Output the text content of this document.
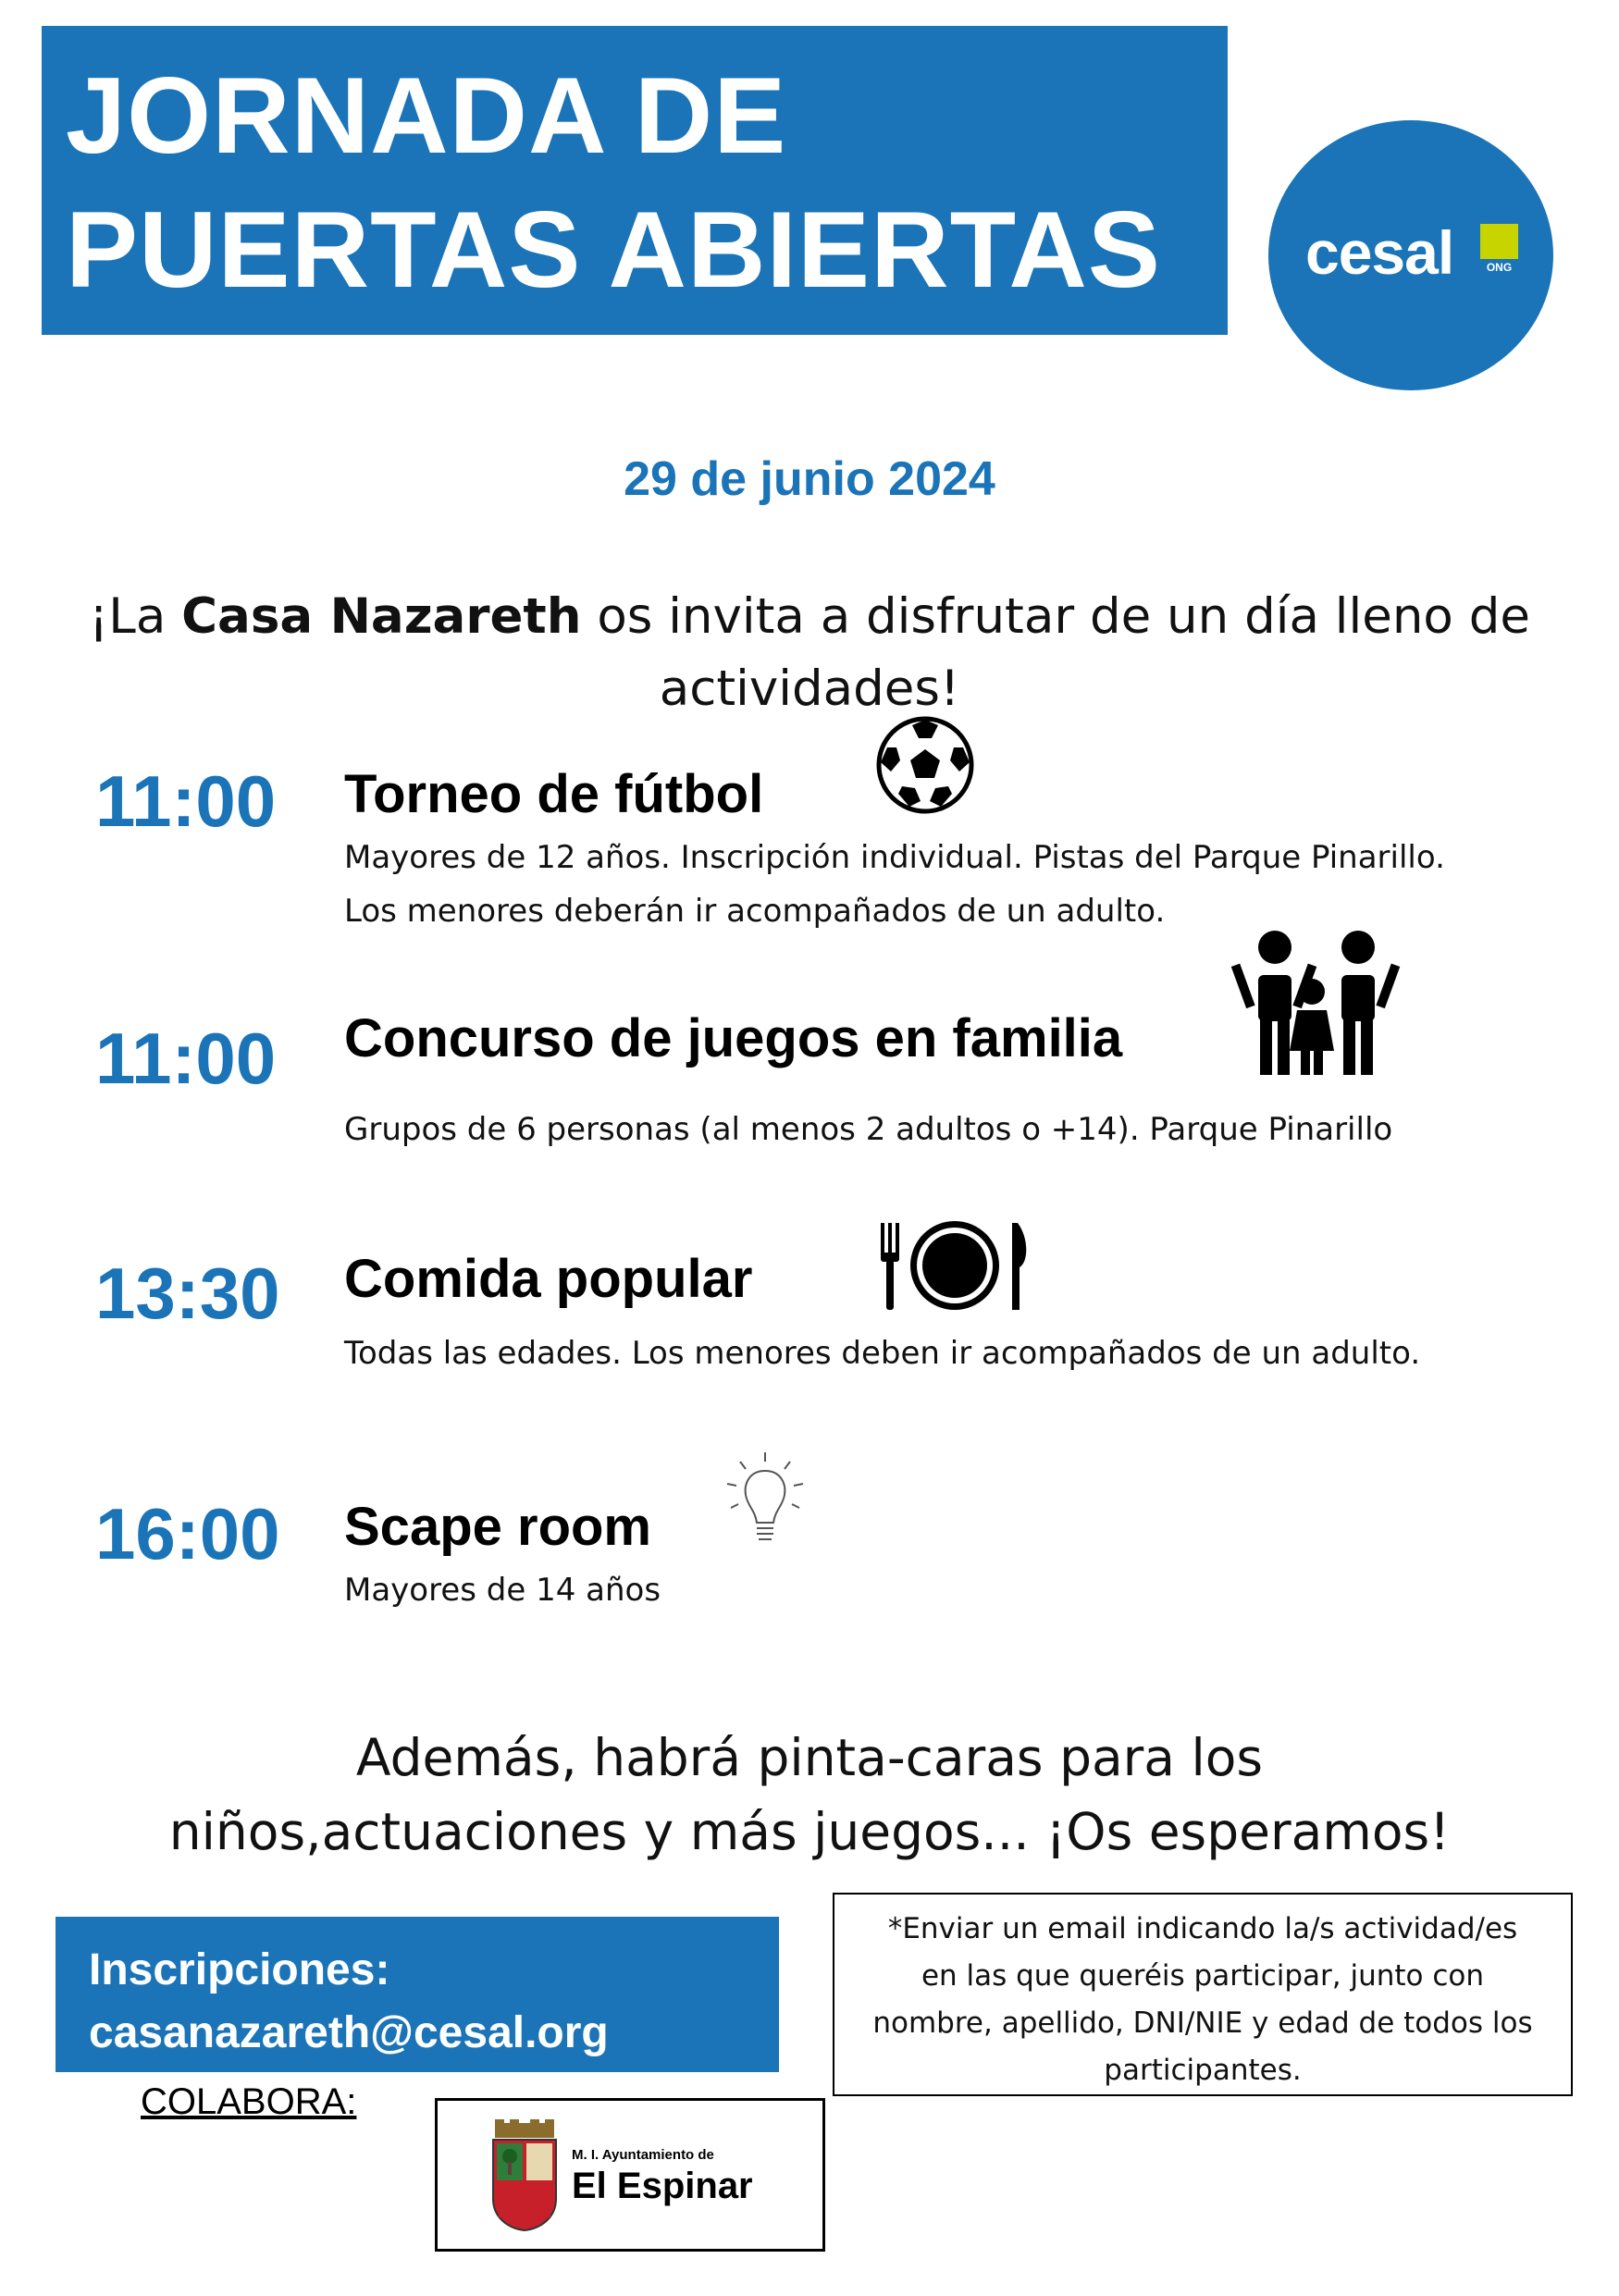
JORNADA DE
PUERTAS ABIERTAS cesal	ONG
29 de junio 2024
¡La Casa Nazareth os invita a disfrutar de un día lleno de actividades!
11:00 Torneo de fútbol
Mayores de 12 años. Inscripción individual. Pistas del Parque Pinarillo.
Los menores deberán ir acompañados de un adulto.
11:00 Concurso de juegos en familia
Grupos de 6 personas (al menos 2 adultos o +14). Parque Pinarillo
13:30 Comida popular
Todas las edades. Los menores deben ir acompañados de un adulto.
16:00 Scape room
Mayores de 14 años
Además, habrá pinta-caras para los
niños,actuaciones y más juegos... ¡Os esperamos!
Inscripciones:
casanazareth@cesal.org
*Enviar un email indicando la/s actividad/es
en las que queréis participar, junto con
nombre, apellido, DNI/NIE y edad de todos los
participantes.
COLABORA:
M. I. Ayuntamiento de
El Espinar
